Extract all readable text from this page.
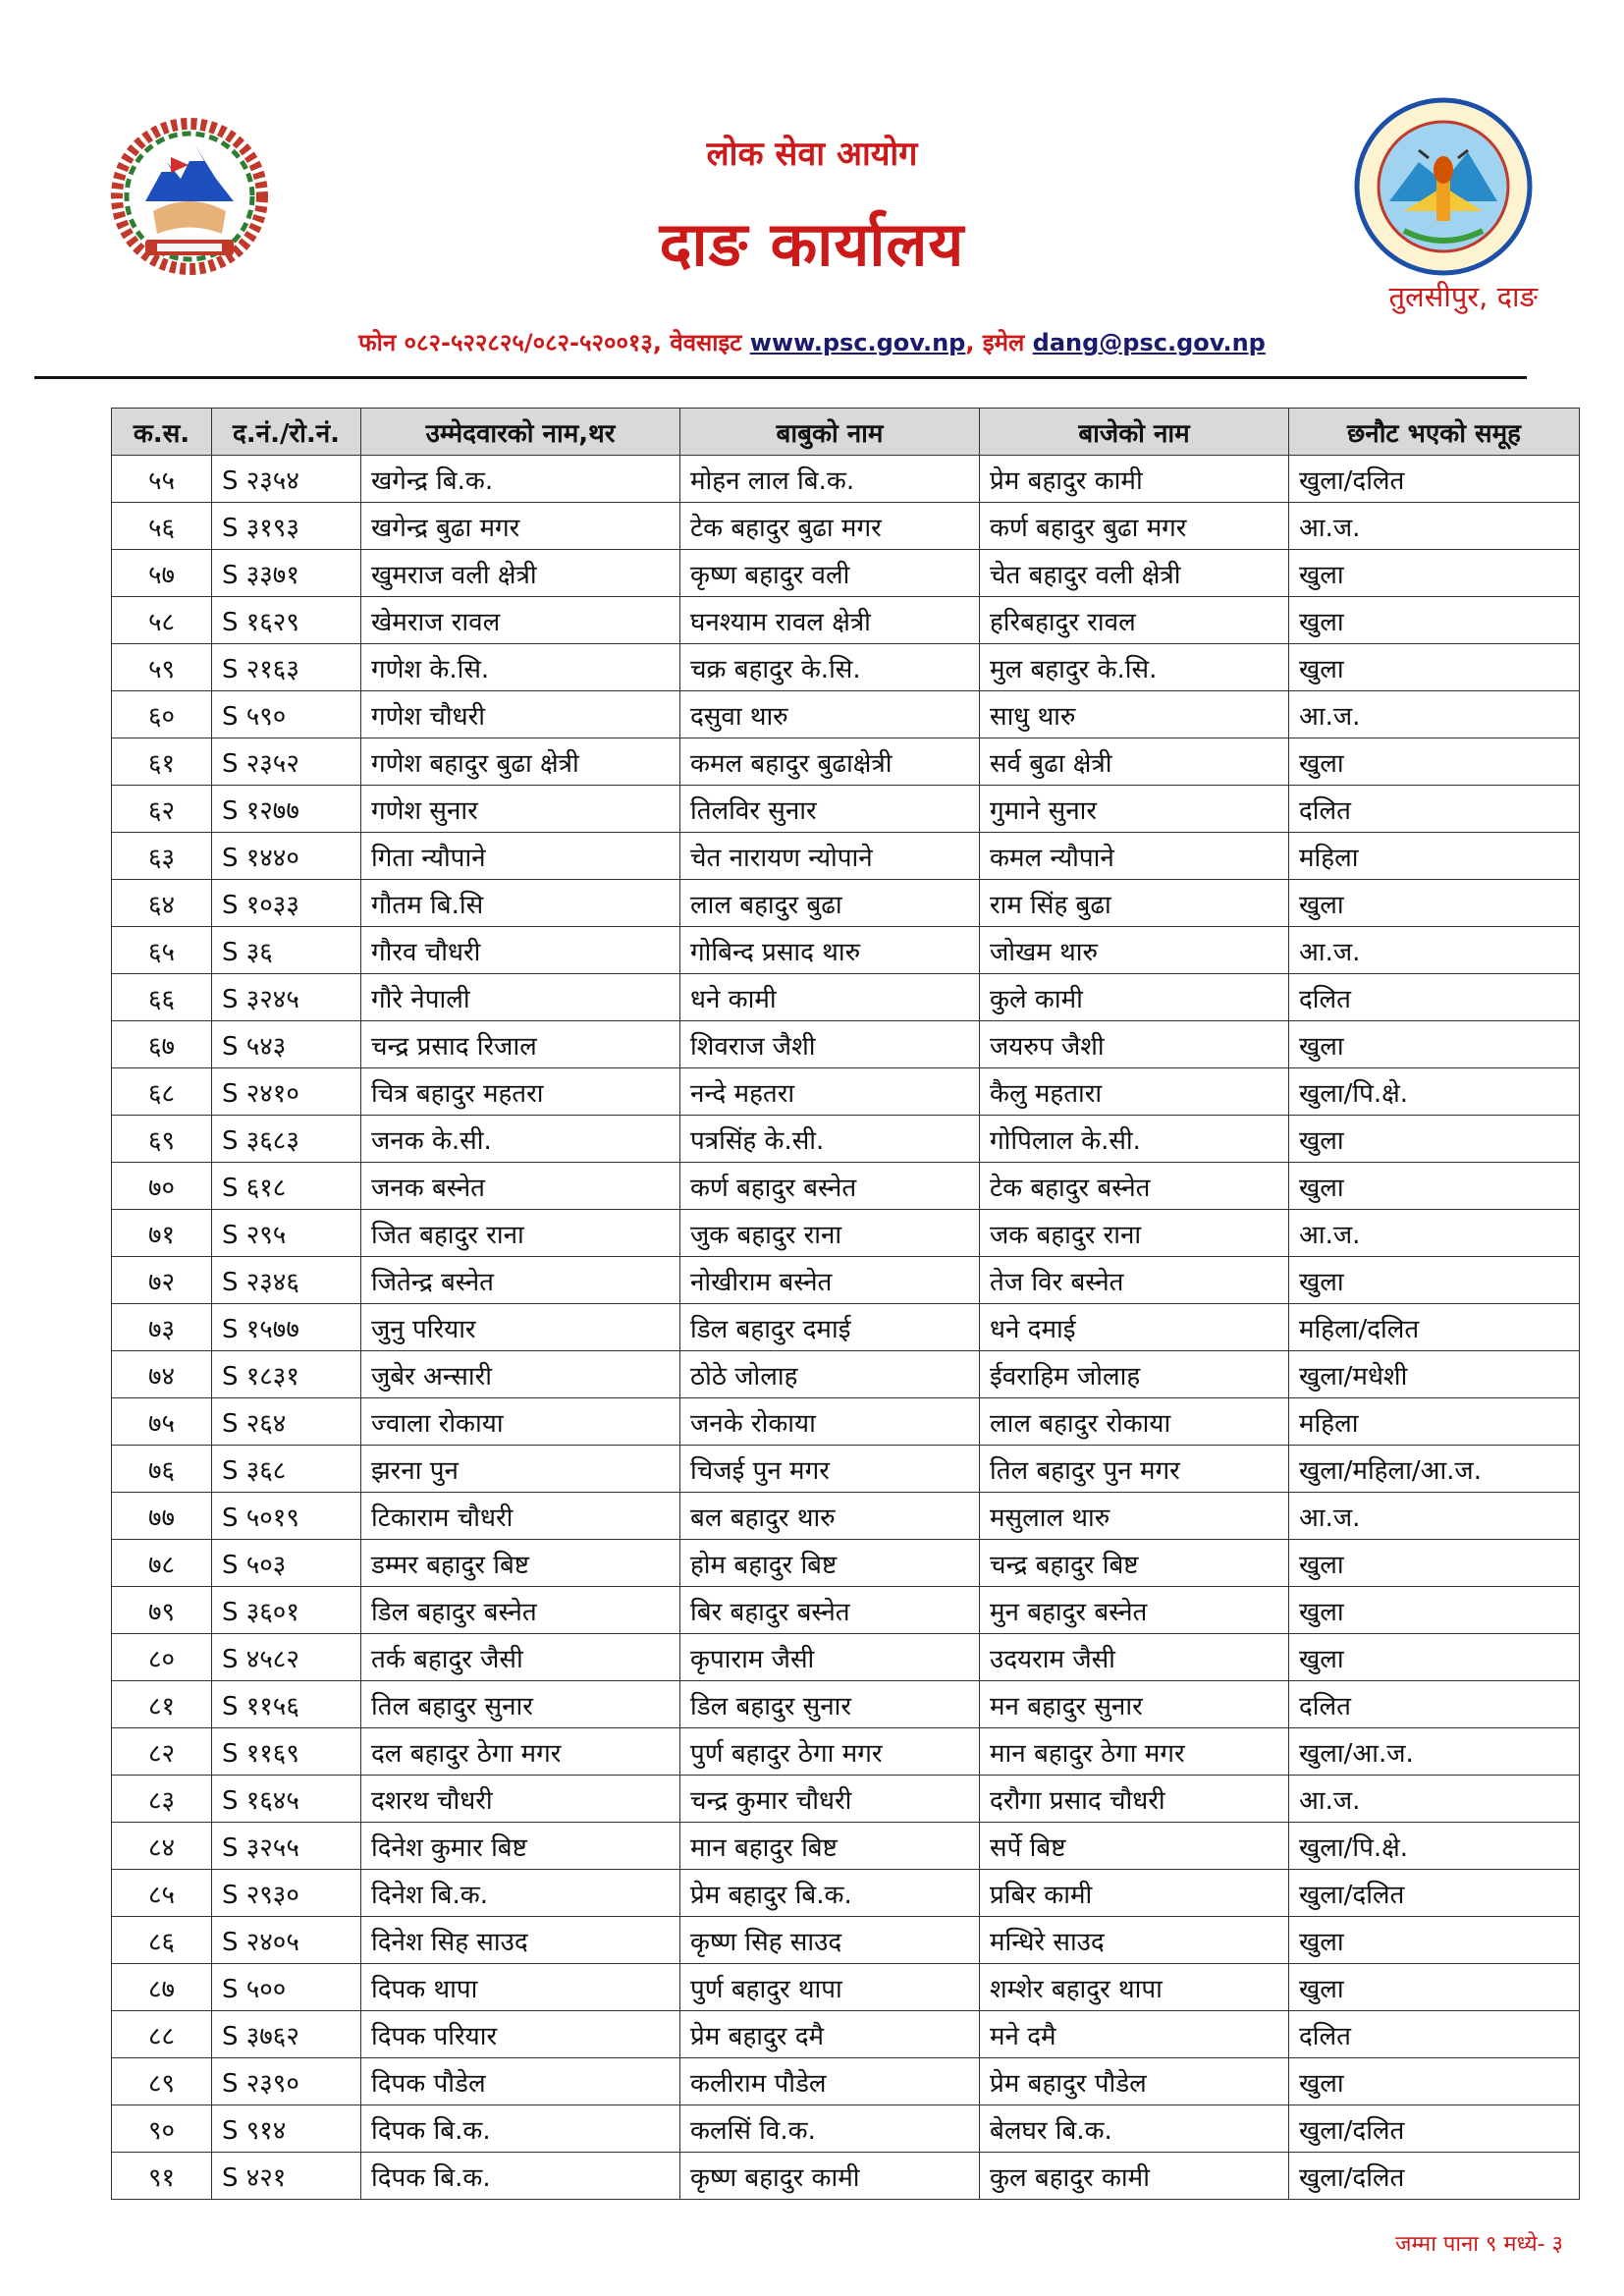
लोक सेवा आयोग
दाङ कार्यालय
तुलसीपुर, दाङ
फोन ०८२-५२२८२५/०८२-५२००१३, वेवसाइट www.psc.gov.np, इमेल dang@psc.gov.np
क.स.	द.नं./रो.नं.	उम्मेदवारको नाम,थर	बाबुको नाम	बाजेको नाम	छनौट भएको समूह
५५	S २३५४	खगेन्द्र बि.क.	मोहन लाल बि.क.	प्रेम बहादुर कामी	खुला/दलित
५६	S ३१९३	खगेन्द्र बुढा मगर	टेक बहादुर बुढा मगर	कर्ण बहादुर बुढा मगर	आ.ज.
५७	S ३३७१	खुमराज वली क्षेत्री	कृष्ण बहादुर वली	चेत बहादुर वली क्षेत्री	खुला
५८	S १६२९	खेमराज रावल	घनश्याम रावल क्षेत्री	हरिबहादुर रावल	खुला
५९	S २१६३	गणेश के.सि.	चक्र बहादुर के.सि.	मुल बहादुर के.सि.	खुला
६०	S ५९०	गणेश चौधरी	दसुवा थारु	साधु थारु	आ.ज.
६१	S २३५२	गणेश बहादुर बुढा क्षेत्री	कमल बहादुर बुढाक्षेत्री	सर्व बुढा क्षेत्री	खुला
६२	S १२७७	गणेश सुनार	तिलविर सुनार	गुमाने सुनार	दलित
६३	S १४४०	गिता न्यौपाने	चेत नारायण न्योपाने	कमल न्यौपाने	महिला
६४	S १०३३	गौतम बि.सि	लाल बहादुर बुढा	राम सिंह बुढा	खुला
६५	S ३६	गौरव चौधरी	गोबिन्द प्रसाद थारु	जोखम थारु	आ.ज.
६६	S ३२४५	गौरे नेपाली	धने कामी	कुले कामी	दलित
६७	S ५४३	चन्द्र प्रसाद रिजाल	शिवराज जैशी	जयरुप जैशी	खुला
६८	S २४१०	चित्र बहादुर महतरा	नन्दे महतरा	कैलु महतारा	खुला/पि.क्षे.
६९	S ३६८३	जनक के.सी.	पत्रसिंह के.सी.	गोपिलाल के.सी.	खुला
७०	S ६१८	जनक बस्नेत	कर्ण बहादुर बस्नेत	टेक बहादुर बस्नेत	खुला
७१	S २९५	जित बहादुर राना	जुक बहादुर राना	जक बहादुर राना	आ.ज.
७२	S २३४६	जितेन्द्र बस्नेत	नोखीराम बस्नेत	तेज विर बस्नेत	खुला
७३	S १५७७	जुनु परियार	डिल बहादुर दमाई	धने दमाई	महिला/दलित
७४	S १८३१	जुबेर अन्सारी	ठोठे जोलाह	ईवराहिम जोलाह	खुला/मधेशी
७५	S २६४	ज्वाला रोकाया	जनके रोकाया	लाल बहादुर रोकाया	महिला
७६	S ३६८	झरना पुन	चिजई पुन मगर	तिल बहादुर पुन मगर	खुला/महिला/आ.ज.
७७	S ५०१९	टिकाराम चौधरी	बल बहादुर थारु	मसुलाल थारु	आ.ज.
७८	S ५०३	डम्मर बहादुर बिष्ट	होम बहादुर बिष्ट	चन्द्र बहादुर बिष्ट	खुला
७९	S ३६०१	डिल बहादुर बस्नेत	बिर बहादुर बस्नेत	मुन बहादुर बस्नेत	खुला
८०	S ४५८२	तर्क बहादुर जैसी	कृपाराम जैसी	उदयराम जैसी	खुला
८१	S ११५६	तिल बहादुर सुनार	डिल बहादुर सुनार	मन बहादुर सुनार	दलित
८२	S ११६९	दल बहादुर ठेगा मगर	पुर्ण बहादुर ठेगा मगर	मान बहादुर ठेगा मगर	खुला/आ.ज.
८३	S १६४५	दशरथ चौधरी	चन्द्र कुमार चौधरी	दरौगा प्रसाद चौधरी	आ.ज.
८४	S ३२५५	दिनेश कुमार बिष्ट	मान बहादुर बिष्ट	सर्पे बिष्ट	खुला/पि.क्षे.
८५	S २९३०	दिनेश बि.क.	प्रेम बहादुर बि.क.	प्रबिर कामी	खुला/दलित
८६	S २४०५	दिनेश सिह साउद	कृष्ण सिह साउद	मन्धिरे साउद	खुला
८७	S ५००	दिपक थापा	पुर्ण बहादुर थापा	शम्शेर बहादुर थापा	खुला
८८	S ३७६२	दिपक परियार	प्रेम बहादुर दमै	मने दमै	दलित
८९	S २३९०	दिपक पौडेल	कलीराम पौडेल	प्रेम बहादुर पौडेल	खुला
९०	S ९१४	दिपक बि.क.	कलसिं वि.क.	बेलघर बि.क.	खुला/दलित
९१	S ४२१	दिपक बि.क.	कृष्ण बहादुर कामी	कुल बहादुर कामी	खुला/दलित
जम्मा पाना ९ मध्ये- ३
